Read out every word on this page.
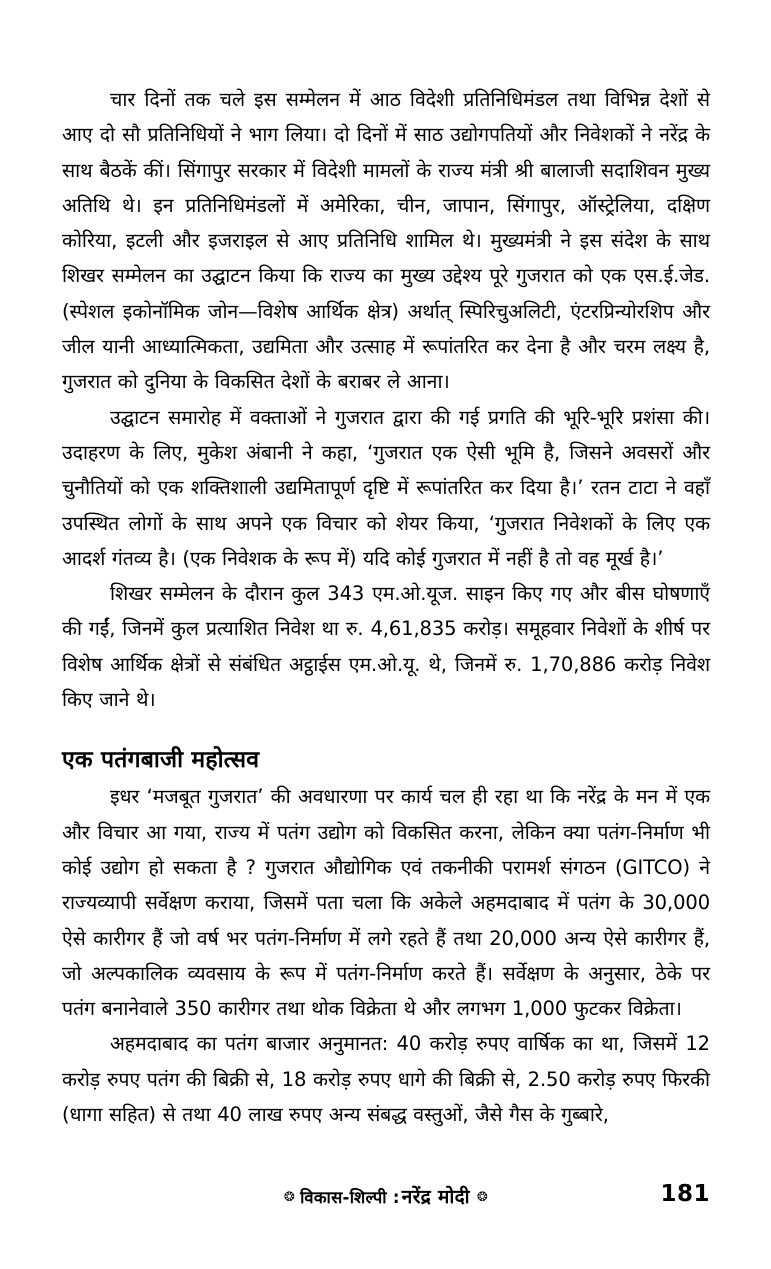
चार दिनों तक चले इस सम्मेलन में आठ विदेशी प्रतिनिधिमंडल तथा विभिन्न देशों से आए दो सौ प्रतिनिधियों ने भाग लिया। दो दिनों में साठ उद्योगपतियों और निवेशकों ने नरेंद्र के साथ बैठकें कीं। सिंगापुर सरकार में विदेशी मामलों के राज्य मंत्री श्री बालाजी सदाशिवन मुख्य अतिथि थे। इन प्रतिनिधिमंडलों में अमेरिका, चीन, जापान, सिंगापुर, ऑस्ट्रेलिया, दक्षिण कोरिया, इटली और इजराइल से आए प्रतिनिधि शामिल थे। मुख्यमंत्री ने इस संदेश के साथ शिखर सम्मेलन का उद्घाटन किया कि राज्य का मुख्य उद्देश्य पूरे गुजरात को एक एस.ई.जेड. (स्पेशल इकोनॉमिक जोन—विशेष आर्थिक क्षेत्र) अर्थात् स्पिरिचुअलिटी, एंटरप्रिन्योरशिप और जील यानी आध्यात्मिकता, उद्यमिता और उत्साह में रूपांतरित कर देना है और चरम लक्ष्य है, गुजरात को दुनिया के विकसित देशों के बराबर ले आना।

उद्घाटन समारोह में वक्ताओं ने गुजरात द्वारा की गई प्रगति की भूरि-भूरि प्रशंसा की। उदाहरण के लिए, मुकेश अंबानी ने कहा, ‘गुजरात एक ऐसी भूमि है, जिसने अवसरों और चुनौतियों को एक शक्तिशाली उद्यमितापूर्ण दृष्टि में रूपांतरित कर दिया है।’ रतन टाटा ने वहाँ उपस्थित लोगों के साथ अपने एक विचार को शेयर किया, ‘गुजरात निवेशकों के लिए एक आदर्श गंतव्य है। (एक निवेशक के रूप में) यदि कोई गुजरात में नहीं है तो वह मूर्ख है।’

शिखर सम्मेलन के दौरान कुल 343 एम.ओ.यूज. साइन किए गए और बीस घोषणाएँ की गईं, जिनमें कुल प्रत्याशित निवेश था रु. 4,61,835 करोड़। समूहवार निवेशों के शीर्ष पर विशेष आर्थिक क्षेत्रों से संबंधित अट्ठाईस एम.ओ.यू. थे, जिनमें रु. 1,70,886 करोड़ निवेश किए जाने थे।

एक पतंगबाजी महोत्सव

इधर ‘मजबूत गुजरात’ की अवधारणा पर कार्य चल ही रहा था कि नरेंद्र के मन में एक और विचार आ गया, राज्य में पतंग उद्योग को विकसित करना, लेकिन क्या पतंग-निर्माण भी कोई उद्योग हो सकता है ? गुजरात औद्योगिक एवं तकनीकी परामर्श संगठन (GITCO) ने राज्यव्यापी सर्वेक्षण कराया, जिसमें पता चला कि अकेले अहमदाबाद में पतंग के 30,000 ऐसे कारीगर हैं जो वर्ष भर पतंग-निर्माण में लगे रहते हैं तथा 20,000 अन्य ऐसे कारीगर हैं, जो अल्पकालिक व्यवसाय के रूप में पतंग-निर्माण करते हैं। सर्वेक्षण के अनुसार, ठेके पर पतंग बनानेवाले 350 कारीगर तथा थोक विक्रेता थे और लगभग 1,000 फुटकर विक्रेता।

अहमदाबाद का पतंग बाजार अनुमानत: 40 करोड़ रुपए वार्षिक का था, जिसमें 12 करोड़ रुपए पतंग की बिक्री से, 18 करोड़ रुपए धागे की बिक्री से, 2.50 करोड़ रुपए फिरकी (धागा सहित) से तथा 40 लाख रुपए अन्य संबद्ध वस्तुओं, जैसे गैस के गुब्बारे,

❂ विकास-शिल्पी : नरेंद्र मोदी ❂	181
